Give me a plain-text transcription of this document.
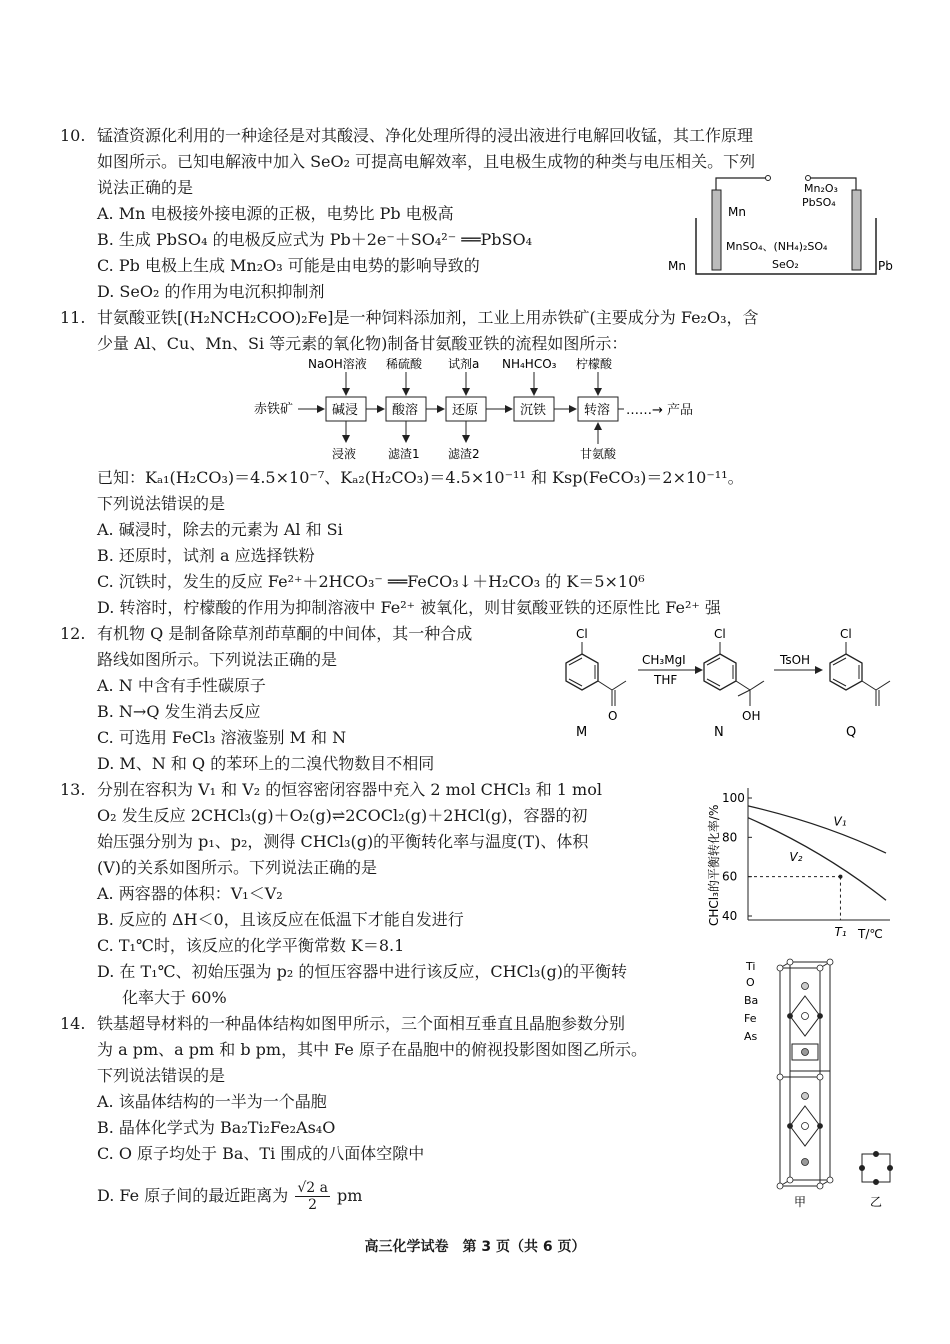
10. 锰渣资源化利用的一种途径是对其酸浸、净化处理所得的浸出液进行电解回收锰，其工作原理
如图所示。已知电解液中加入 SeO₂ 可提高电解效率，且电极生成物的种类与电压相关。下列
说法正确的是
A. Mn 电极接外接电源的正极，电势比 Pb 电极高
B. 生成 PbSO₄ 的电极反应式为 Pb＋2e⁻＋SO₄²⁻ ══PbSO₄
C. Pb 电极上生成 Mn₂O₃ 可能是由电势的影响导致的
D. SeO₂ 的作用为电沉积抑制剂
Mn
Mn	Pb
Mn₂O₃
PbSO₄
MnSO₄、(NH₄)₂SO₄
SeO₂
11. 甘氨酸亚铁[(H₂NCH₂COO)₂Fe]是一种饲料添加剂，工业上用赤铁矿(主要成分为 Fe₂O₃，含
少量 Al、Cu、Mn、Si 等元素的氧化物)制备甘氨酸亚铁的流程如图所示：
赤铁矿	碱浸	酸溶	还原	沉铁	转溶 ……→ 产品
NaOH溶液 稀硫酸 试剂a NH₄HCO₃ 柠檬酸
浸液	滤渣1 滤渣2	甘氨酸
已知：Kₐ₁(H₂CO₃)＝4.5×10⁻⁷、Kₐ₂(H₂CO₃)＝4.5×10⁻¹¹ 和 Ksp(FeCO₃)＝2×10⁻¹¹。
下列说法错误的是
A. 碱浸时，除去的元素为 Al 和 Si
B. 还原时，试剂 a 应选择铁粉
C. 沉铁时，发生的反应 Fe²⁺＋2HCO₃⁻ ══FeCO₃↓＋H₂CO₃ 的 K＝5×10⁶
D. 转溶时，柠檬酸的作用为抑制溶液中 Fe²⁺ 被氧化，则甘氨酸亚铁的还原性比 Fe²⁺ 强
12. 有机物 Q 是制备除草剂茚草酮的中间体，其一种合成
路线如图所示。下列说法正确的是
A. N 中含有手性碳原子
B. N→Q 发生消去反应
C. 可选用 FeCl₃ 溶液鉴别 M 和 N
D. M、N 和 Q 的苯环上的二溴代物数目不相同
Cl
O
M
CH₃MgI
THF
Cl
OH
N
TsOH
Cl
Q
13. 分别在容积为 V₁ 和 V₂ 的恒容密闭容器中充入 2 mol CHCl₃ 和 1 mol
O₂ 发生反应 2CHCl₃(g)＋O₂(g)⇌2COCl₂(g)＋2HCl(g)，容器的初
始压强分别为 p₁、p₂，测得 CHCl₃(g)的平衡转化率与温度(T)、体积
(V)的关系如图所示。下列说法正确的是
A. 两容器的体积：V₁＜V₂
B. 反应的 ΔH＜0，且该反应在低温下才能自发进行
C. T₁℃时，该反应的化学平衡常数 K＝8.1
D. 在 T₁℃、初始压强为 p₂ 的恒压容器中进行该反应，CHCl₃(g)的平衡转
化率大于 60%
CHCl₃的平衡转化率/%
100
80
60
40
V₁
V₂
T₁ T/℃
14. 铁基超导材料的一种晶体结构如图甲所示，三个面相互垂直且晶胞参数分别
为 a pm、a pm 和 b pm，其中 Fe 原子在晶胞中的俯视投影图如图乙所示。
下列说法错误的是
A. 该晶体结构的一半为一个晶胞
B. 晶体化学式为 Ba₂Ti₂Fe₂As₄O
C. O 原子均处于 Ba、Ti 围成的八面体空隙中
D. Fe 原子间的最近距离为 $\frac{√2 a}{2}$ pm
Ti
O
Ba
Fe
As
甲	乙
高三化学试卷　第 3 页（共 6 页）
